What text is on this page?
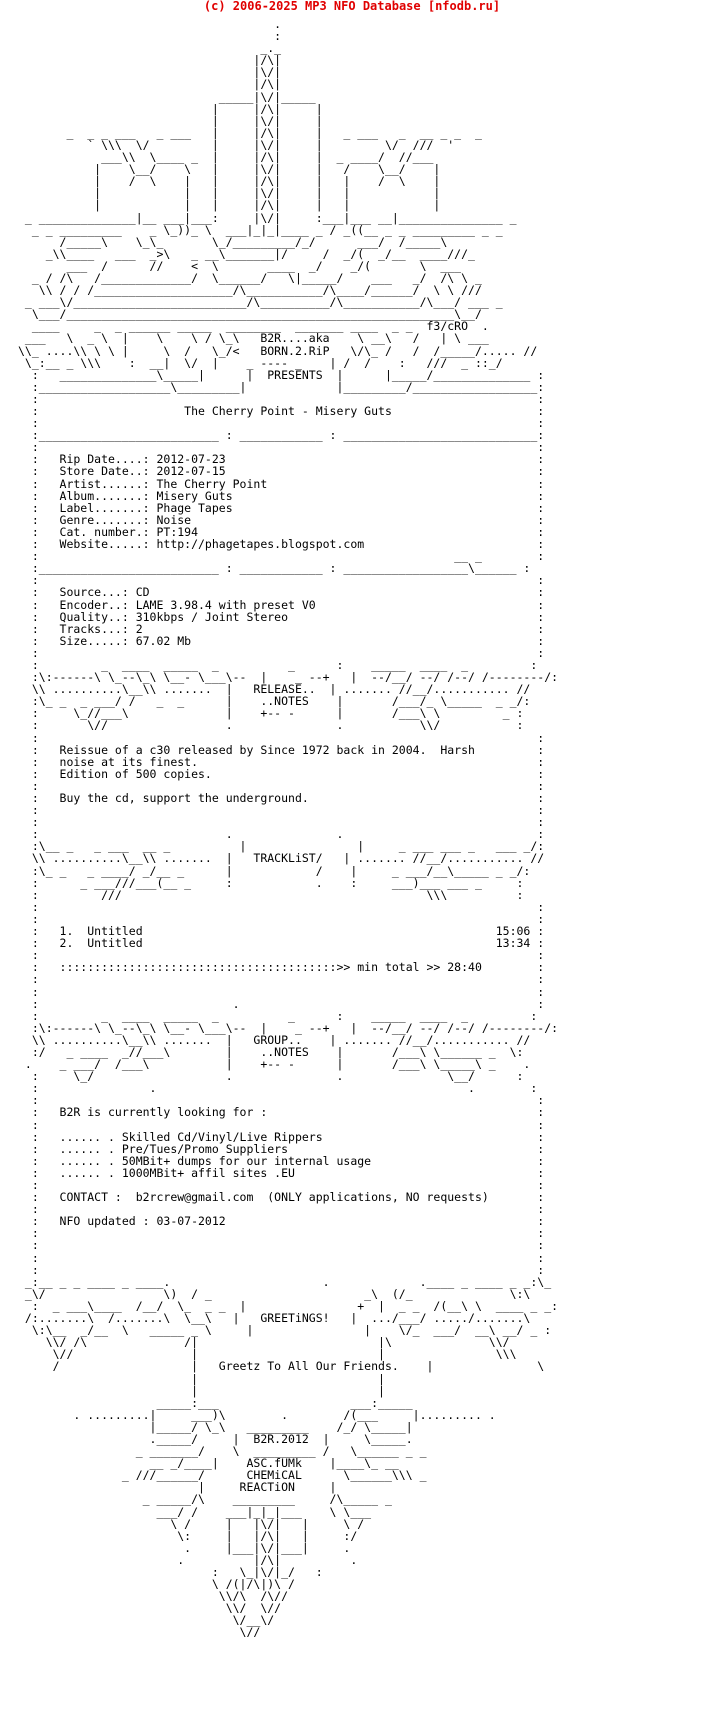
(c) 2006-2025 MP3 NFO Database [nfodb.ru]
.
:
_._
|/\|
|\/|
|/\|
_____|\/|_____
|     |/\|     |
|     |\/|     |
_  _ _ ___   _ ___   |     |/\|     |   _ ___   _  __ _ _  _
` \\\  \/         |     |\/|     |         \/  ///  '
___\\  \____ _  |     |/\|     |  _ ____/  //___
|    \__/    \   |     |\/|     |   /    \__/    |
|    /  \    |   |     |/\|     |   |    /  \    |
|            |   |     |\/|     |   |            |
|            |   |     |/\|     |   |            |
_ ______________|__ ___|___:     |\/|     :___|___ __|_______________ _
_ _ _________    _ \_))_ \  ___|_|_|____ _ / _((__ _ _ _________ _ _
/_____\    \_\_       \_/_________/_/      ___/  /_____\
_\\____   ___  _>\   _ __\_______|/     /  _/(  _/__  ____///_
___  /      //    <  \       ____  _/    _/(       \  ___
_ / /\   /_____________/  \______/   \|_____/    ___   _/  /\ \ _
\\ / / /____________________/\___________/\____/______/  \ \ ///
_ ___\/_________________________/\__________/\___________/\___/ ___ _
\___/________________________________________________________\__/
____     _  _ ______ _____  ________  _______ ____  _ _  f3/cRO  .
___   \  _ \  |    \    \ / \_\   B2R....aka    \ __\   /   | \ ___
\\_ ....\\ \ \ |     \  /   \_/<   BORN.2.RiP   \/\_ /   /  /_____/..... //
\_:__ _ \\\    :  __|  \/  |    _ ---- _    | /  /    :   ///  _ ::_/
:   ______________\_____|      |  PRESENTS  |      |_____/______________ :
:___________________\_________|             |_________/__________________:
:                                                                        :
:                     The Cherry Point - Misery Guts                     :
:                                                                        :
:__________________________ : ____________ : ____________________________:
:                                                                        :
:   Rip Date....: 2012-07-23                                             :
:   Store Date..: 2012-07-15                                             :
:   Artist......: The Cherry Point                                       :
:   Album.......: Misery Guts                                            :
:   Label.......: Phage Tapes                                            :
:   Genre.......: Noise                                                  :
:   Cat. number.: PT:194                                                 :
:   Website.....: http://phagetapes.blogspot.com                         :
:                                                            __ _        :
:__________________________ : ____________ : __________________\______ :
:                                                                        :
:   Source...: CD                                                        :
:   Encoder..: LAME 3.98.4 with preset V0                                :
:   Quality..: 310kbps / Joint Stereo                                    :
:   Tracks...: 2                                                         :
:   Size.....: 67.02 Mb                                                  :
:                                                                        :
:         _  ____  _____  _          _      :    _____  ____  _         :
:\:------\ \_--\_\ \__- \___\--  |    _ --+   |  --/__/ --/ /--/ /--------/:
\\ ..........\__\\ .......  |   RELEASE..  | ....... //__/........... //
:\_ _  _ ___/ /   _  _      |    ..NOTES    |       /___/_ \_____  _ _/:
:     \_//___\              |    +-- -      |       /___\ \         _ :
:       \//                 .               .           \\/           :
:                                                                        :
:   Reissue of a c30 released by Since 1972 back in 2004.  Harsh         :
:   noise at its finest.                                                 :
:   Edition of 500 copies.                                               :
:                                                                        :
:   Buy the cd, support the underground.                                 :
:                                                                        :
:                                                                        :
:                           .               .                            :
:\__ _   _ ___  __ _          |                |     _ ___ ___ _   ___ _/:
\\ ..........\__\\ .......  |   TRACKLiST/   | ....... //__/........... //
:\_ _   _ ____/ _/__ _      |            /    |     _ ___/__\_____ _ _/:
:      _ ___///___(__ _     :            .    :     ___)___ ___ _     :
:         ///                                            \\\          :
:                                                                        :
:                                                                        :
:   1.  Untitled                                                   15:06 :
:   2.  Untitled                                                   13:34 :
:                                                                        :
:   ::::::::::::::::::::::::::::::::::::::::>> min total >> 28:40        :
:                                                                        :
:                                                                        :
:                            .                                           :
:         _  ____  _____  _          _      :    _____  ____  _         :
:\:------\ \_--\_\ \__- \___\--  |    _ --+   |  --/__/ --/ /--/ /--------/:
\\ ..........\__\\ .......  |   GROUP..    | ....... //__/........... //
:/   _ ____  _//___\        |    ..NOTES    |       /___\ \______ _  \:
.    _ ___/  /___\           |    +-- -      |       /___\ \_____\ _    .
:     \_/                   .               .               \__/      :
:                .                                             .        :
:                                                                        :
:   B2R is currently looking for :                                       :
:                                                                        :
:   ...... . Skilled Cd/Vinyl/Live Rippers                               :
:   ...... . Pre/Tues/Promo Suppliers                                    :
:   ...... . 50MBit+ dumps for our internal usage                        :
:   ...... . 1000MBit+ affil sites .EU                                   :
:                                                                        :
:   CONTACT :  b2rcrew@gmail.com  (ONLY applications, NO requests)       :
:                                                                        :
:   NFO updated : 03-07-2012                                             :
:                                                                        :
:                                                                        :
:                                                                        :
:                                                                        :
_:__ _ _ ____ _ ____.                      .             .____ _ ____ _ _:\_
_\/                 \)  / _                      _\  (/_              \:\
:  _ ___\____  /__/  \_  _ _  |                +  |  _ _  /(__\ \  ____ _ _:
/:.......\  /.......\  \__\   |   GREETiNGS!   |  .../___/ ...../.......\
\:\__  _/__  \   _____ _ \     |                |    \/_  ___/  __\ __/ _ :
\\/ /\              /|                          |\              \\/
\//                 |                          |                \\\
/                   |   Greetz To All Our Friends.    |               \
|                          |
|                          |
_____:___                   ___:_____
. .........|     ___)\        .        /(___     |......... .
|_____/ \_\   _________    /_/ \_____|
._____/     |  B2R.2012  |     \_____.
_ _______/    \  _________ /   \______ _ _
__ _/____|    ASC.fUMk    |____\_ __
_ ///______/      CHEMiCAL      \______\\\ _
|     REACTiON     |
_ _____/\    _________     /\_____ _
___/ /    ___|_|_|___    \ \___
\ /     |   |\/|   |     \ /
\:     |   |/\|   |     :/
.     |___|\/|___|     .
.          |/\|          .
:   \_|\/|_/   :
\ /(|/\|)\ /
\\/\  /\//
\\/  \//
\/__\/
\//

__
